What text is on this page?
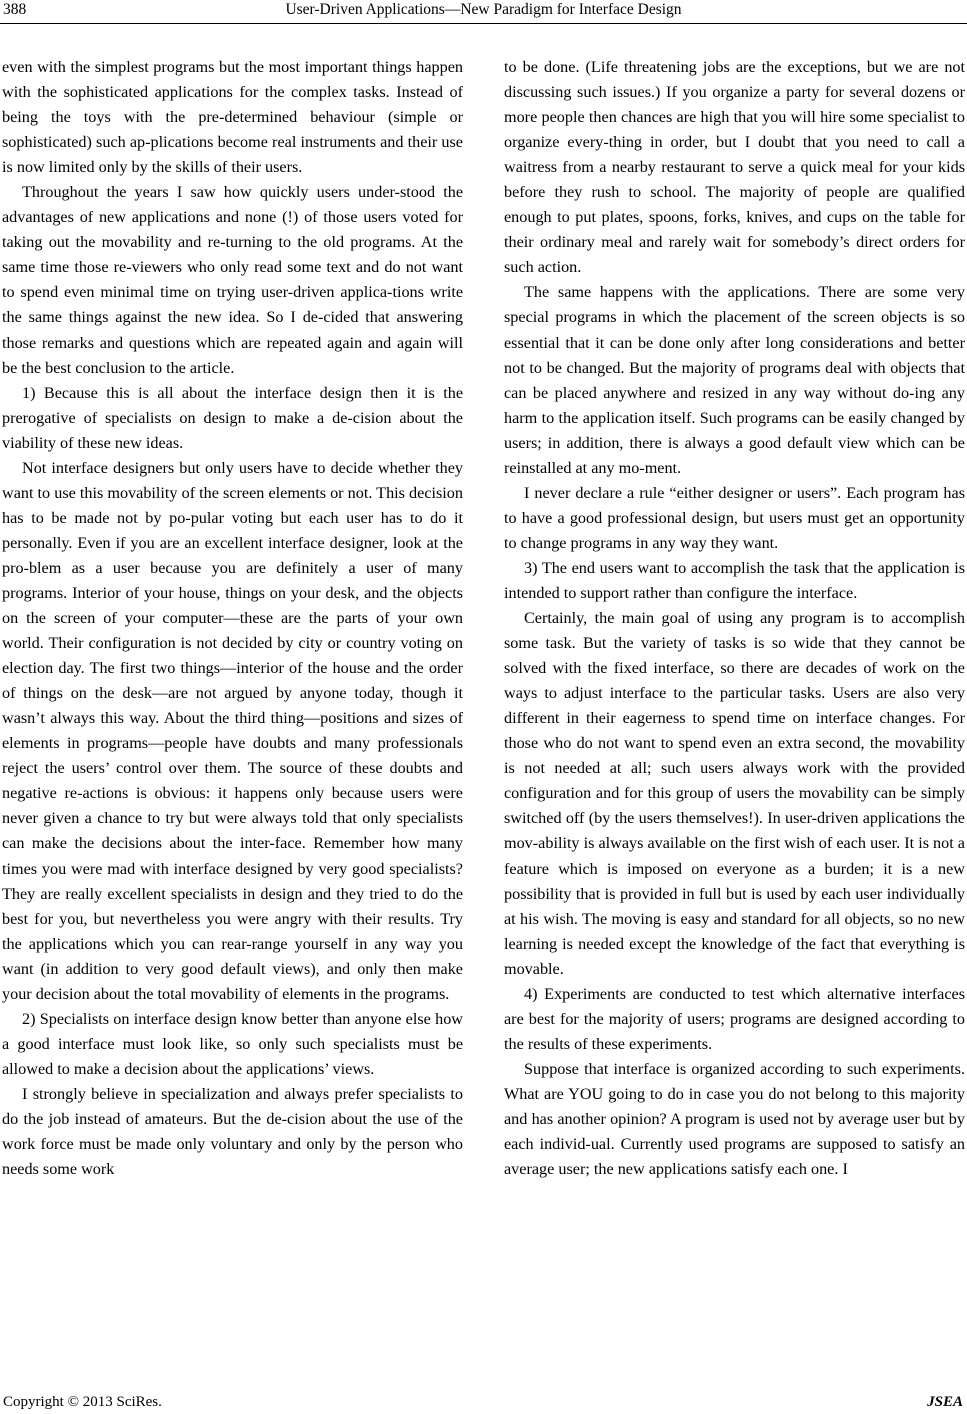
388	User-Driven Applications—New Paradigm for Interface Design

even with the simplest programs but the most important things happen with the sophisticated applications for the complex tasks. Instead of being the toys with the pre-determined behaviour (simple or sophisticated) such ap-plications become real instruments and their use is now limited only by the skills of their users.

Throughout the years I saw how quickly users under-stood the advantages of new applications and none (!) of those users voted for taking out the movability and re-turning to the old programs. At the same time those re-viewers who only read some text and do not want to spend even minimal time on trying user-driven applica-tions write the same things against the new idea. So I de-cided that answering those remarks and questions which are repeated again and again will be the best conclusion to the article.

1) Because this is all about the interface design then it is the prerogative of specialists on design to make a de-cision about the viability of these new ideas.

Not interface designers but only users have to decide whether they want to use this movability of the screen elements or not. This decision has to be made not by po-pular voting but each user has to do it personally. Even if you are an excellent interface designer, look at the pro-blem as a user because you are definitely a user of many programs. Interior of your house, things on your desk, and the objects on the screen of your computer—these are the parts of your own world. Their configuration is not decided by city or country voting on election day. The first two things—interior of the house and the order of things on the desk—are not argued by anyone today, though it wasn’t always this way. About the third thing—positions and sizes of elements in programs—people have doubts and many professionals reject the users’ control over them. The source of these doubts and negative re-actions is obvious: it happens only because users were never given a chance to try but were always told that only specialists can make the decisions about the inter-face. Remember how many times you were mad with interface designed by very good specialists? They are really excellent specialists in design and they tried to do the best for you, but nevertheless you were angry with their results. Try the applications which you can rear-range yourself in any way you want (in addition to very good default views), and only then make your decision about the total movability of elements in the programs.

2) Specialists on interface design know better than anyone else how a good interface must look like, so only such specialists must be allowed to make a decision about the applications’ views.

I strongly believe in specialization and always prefer specialists to do the job instead of amateurs. But the de-cision about the use of the work force must be made only voluntary and only by the person who needs some work

to be done. (Life threatening jobs are the exceptions, but we are not discussing such issues.) If you organize a party for several dozens or more people then chances are high that you will hire some specialist to organize every-thing in order, but I doubt that you need to call a waitress from a nearby restaurant to serve a quick meal for your kids before they rush to school. The majority of people are qualified enough to put plates, spoons, forks, knives, and cups on the table for their ordinary meal and rarely wait for somebody’s direct orders for such action.

The same happens with the applications. There are some very special programs in which the placement of the screen objects is so essential that it can be done only after long considerations and better not to be changed. But the majority of programs deal with objects that can be placed anywhere and resized in any way without do-ing any harm to the application itself. Such programs can be easily changed by users; in addition, there is always a good default view which can be reinstalled at any mo-ment.

I never declare a rule “either designer or users”. Each program has to have a good professional design, but users must get an opportunity to change programs in any way they want.

3) The end users want to accomplish the task that the application is intended to support rather than configure the interface.

Certainly, the main goal of using any program is to accomplish some task. But the variety of tasks is so wide that they cannot be solved with the fixed interface, so there are decades of work on the ways to adjust interface to the particular tasks. Users are also very different in their eagerness to spend time on interface changes. For those who do not want to spend even an extra second, the movability is not needed at all; such users always work with the provided configuration and for this group of users the movability can be simply switched off (by the users themselves!). In user-driven applications the mov-ability is always available on the first wish of each user. It is not a feature which is imposed on everyone as a burden; it is a new possibility that is provided in full but is used by each user individually at his wish. The moving is easy and standard for all objects, so no new learning is needed except the knowledge of the fact that everything is movable.

4) Experiments are conducted to test which alternative interfaces are best for the majority of users; programs are designed according to the results of these experiments.

Suppose that interface is organized according to such experiments. What are YOU going to do in case you do not belong to this majority and has another opinion? A program is used not by average user but by each individ-ual. Currently used programs are supposed to satisfy an average user; the new applications satisfy each one. I

Copyright © 2013 SciRes.	JSEA
